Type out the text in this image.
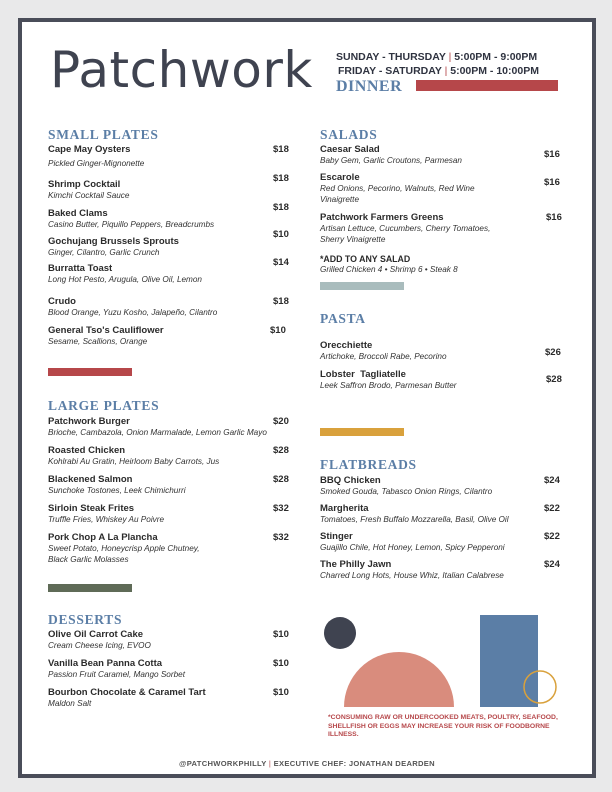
Patchwork SUNDAY - THURSDAY | 5:00PM - 9:00PM
FRIDAY - SATURDAY | 5:00PM - 10:00PM
DINNER
SMALL PLATES
Cape May Oysters
Pickled Ginger-Mignonette
$18
Shrimp Cocktail
Kimchi Cocktail Sauce
$18
Baked Clams
Casino Butter, Piquillo Peppers, Breadcrumbs
$18
Gochujang Brussels Sprouts
Ginger, Cilantro, Garlic Crunch
$10
Burratta Toast
Long Hot Pesto, Arugula, Olive Oil, Lemon
$14
Crudo
Blood Orange, Yuzu Kosho, Jalapeño, Cilantro
$18
General Tso's Cauliflower
Sesame, Scallions, Orange
$10
LARGE PLATES
Patchwork Burger
Brioche, Cambazola, Onion Marmalade, Lemon Garlic Mayo
$20
Roasted Chicken
Kohlrabi Au Gratin, Heirloom Baby Carrots, Jus
$28
Blackened Salmon
Sunchoke Tostones, Leek Chimichurri
$28
Sirloin Steak Frites
Truffle Fries, Whiskey Au Poivre
$32
Pork Chop A La Plancha
Sweet Potato, Honeycrisp Apple Chutney,
Black Garlic Molasses
$32
DESSERTS
Olive Oil Carrot Cake
Cream Cheese Icing, EVOO
$10
Vanilla Bean Panna Cotta
Passion Fruit Caramel, Mango Sorbet
$10
Bourbon Chocolate & Caramel Tart
Maldon Salt
$10
SALADS
Caesar Salad
Baby Gem, Garlic Croutons, Parmesan
$16
Escarole
Red Onions, Pecorino, Walnuts, Red Wine
Vinaigrette
$16
Patchwork Farmers Greens
Artisan Lettuce, Cucumbers, Cherry Tomatoes,
Sherry Vinaigrette
$16
*ADD TO ANY SALAD
Grilled Chicken 4 • Shrimp 6 • Steak 8
PASTA
Orecchiette
Artichoke, Broccoli Rabe, Pecorino	$26
Lobster  Tagliatelle
Leek Saffron Brodo, Parmesan Butter
$28
FLATBREADS
BBQ Chicken
Smoked Gouda, Tabasco Onion Rings, Cilantro
$24
Margherita
Tomatoes, Fresh Buffalo Mozzarella, Basil, Olive Oil
$22
Stinger
Guajillo Chile, Hot Honey, Lemon, Spicy Pepperoni
$22
The Philly Jawn
Charred Long Hots, House Whiz, Italian Calabrese
$24
*CONSUMING RAW OR UNDERCOOKED MEATS, POULTRY, SEAFOOD, SHELLFISH OR EGGS MAY INCREASE YOUR RISK OF FOODBORNE ILLNESS.
@PATCHWORKPHILLY | EXECUTIVE CHEF: JONATHAN DEARDEN
